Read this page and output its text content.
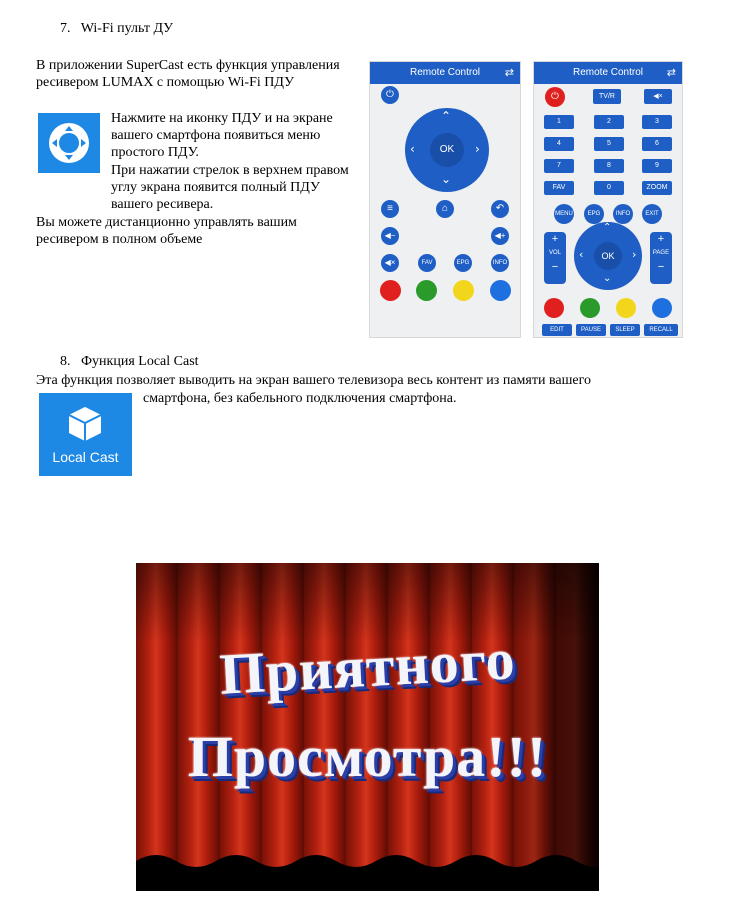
7. Wi-Fi пульт ДУ
В приложении SuperCast есть функция управления ресивером LUMAX с помощью Wi-Fi ПДУ
Нажмите на иконку ПДУ и на экране вашего смартфона появиться меню простого ПДУ.
При нажатии стрелок в верхнем правом углу экрана появится полный ПДУ вашего ресивера.
Вы можете дистанционно управлять вашим ресивером в полном объеме
Remote Control ⇄
⏻
OK
⌃
⌄
‹	›
≡	⌂	↶
◀−	◀+
◀×	FAV	EPG	INFO
Remote Control ⇄
⏻	TV/R	◀×
1	2	3
4	5	6
7	8	9
FAV	0	ZOOM
MENU	EPG	INFO	EXIT
+
VOL
−
OK
⌃
⌄
‹	›
+
PAGE
−
EDIT	PAUSE	SLEEP	RECALL
8. Функция Local Cast
Эта функция позволяет выводить на экран вашего телевизора весь контент из памяти вашего
смартфона, без кабельного подключения смартфона.
Local Cast
Приятного
Просмотра!!!
